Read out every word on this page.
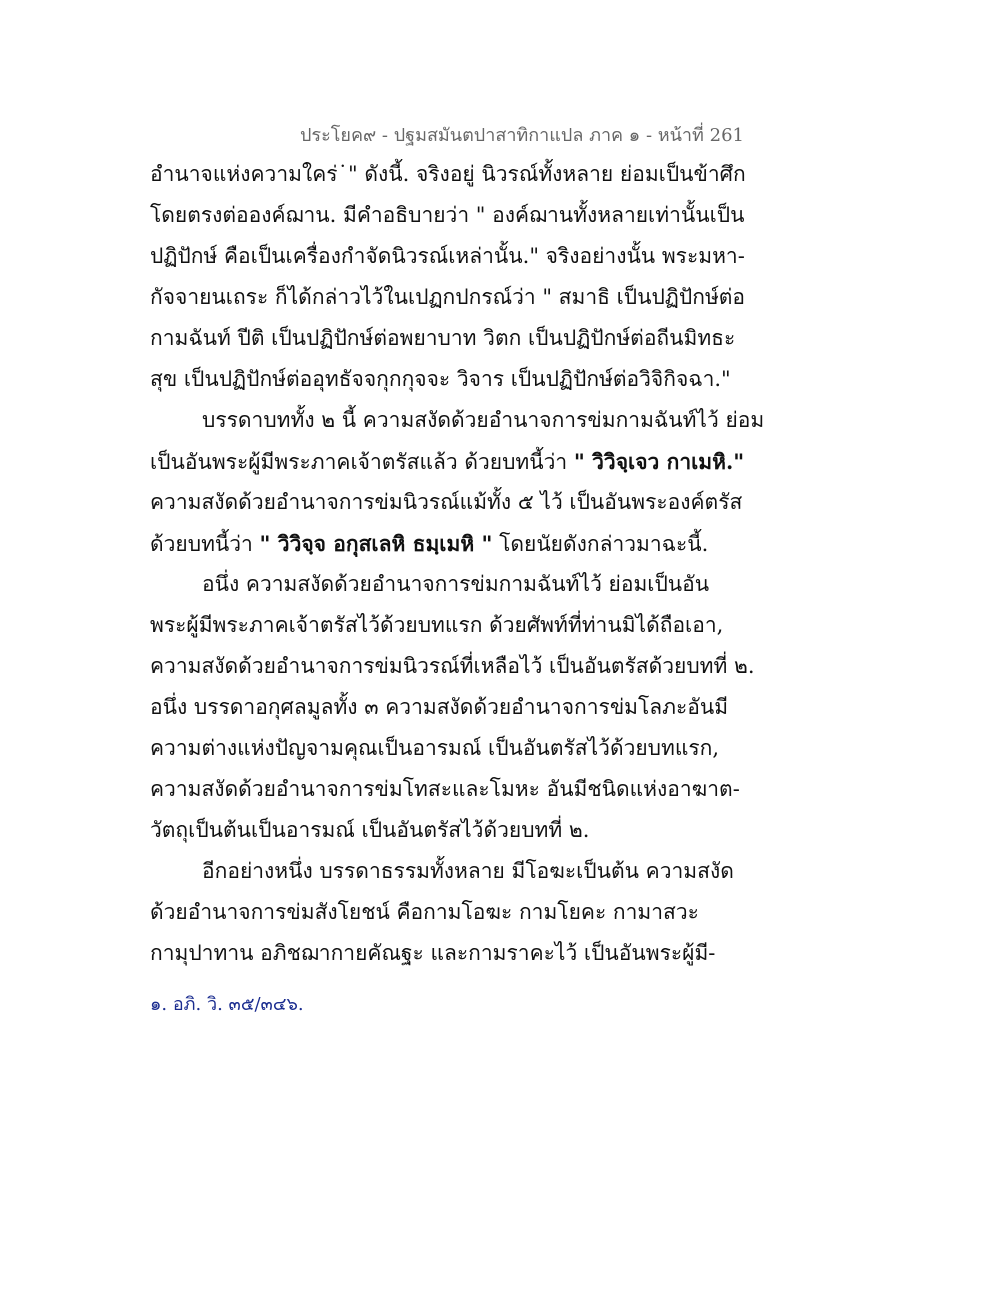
ประโยค๙ - ปฐมสมันตปาสาทิกาแปล ภาค ๑ - หน้าที่ 261
อำนาจแห่งความใคร่˙" ดังนี้. จริงอยู่ นิวรณ์ทั้งหลาย ย่อมเป็นข้าศึก
โดยตรงต่อองค์ฌาน. มีคำอธิบายว่า " องค์ฌานทั้งหลายเท่านั้นเป็น
ปฏิปักษ์ คือเป็นเครื่องกำจัดนิวรณ์เหล่านั้น." จริงอย่างนั้น พระมหา-
กัจจายนเถระ ก็ได้กล่าวไว้ในเปฏกปกรณ์ว่า " สมาธิ เป็นปฏิปักษ์ต่อ
กามฉันท์ ปีติ เป็นปฏิปักษ์ต่อพยาบาท วิตก เป็นปฏิปักษ์ต่อถีนมิทธะ
สุข เป็นปฏิปักษ์ต่ออุทธัจจกุกกุจจะ วิจาร เป็นปฏิปักษ์ต่อวิจิกิจฉา."
บรรดาบททั้ง ๒ นี้ ความสงัดด้วยอำนาจการข่มกามฉันท์ไว้ ย่อม
เป็นอันพระผู้มีพระภาคเจ้าตรัสแล้ว ด้วยบทนี้ว่า " วิวิจฺเจว กาเมหิ."
ความสงัดด้วยอำนาจการข่มนิวรณ์แม้ทั้ง ๕ ไว้ เป็นอันพระองค์ตรัส
ด้วยบทนี้ว่า " วิวิจฺจ อกุสเลหิ ธมฺเมหิ " โดยนัยดังกล่าวมาฉะนี้.
อนึ่ง ความสงัดด้วยอำนาจการข่มกามฉันท์ไว้ ย่อมเป็นอัน
พระผู้มีพระภาคเจ้าตรัสไว้ด้วยบทแรก ด้วยศัพท์ที่ท่านมิได้ถือเอา,
ความสงัดด้วยอำนาจการข่มนิวรณ์ที่เหลือไว้ เป็นอันตรัสด้วยบทที่ ๒.
อนึ่ง บรรดาอกุศลมูลทั้ง ๓ ความสงัดด้วยอำนาจการข่มโลภะอันมี
ความต่างแห่งปัญจามคุณเป็นอารมณ์ เป็นอันตรัสไว้ด้วยบทแรก,
ความสงัดด้วยอำนาจการข่มโทสะและโมหะ อันมีชนิดแห่งอาฆาต-
วัตถุเป็นต้นเป็นอารมณ์ เป็นอันตรัสไว้ด้วยบทที่ ๒.
อีกอย่างหนึ่ง บรรดาธรรมทั้งหลาย มีโอฆะเป็นต้น ความสงัด
ด้วยอำนาจการข่มสังโยชน์ คือกามโอฆะ กามโยคะ กามาสวะ
กามุปาทาน อภิชฌากายคัณฐะ และกามราคะไว้ เป็นอันพระผู้มี-
๑. อภิ. วิ. ๓๕/๓๔๖.
